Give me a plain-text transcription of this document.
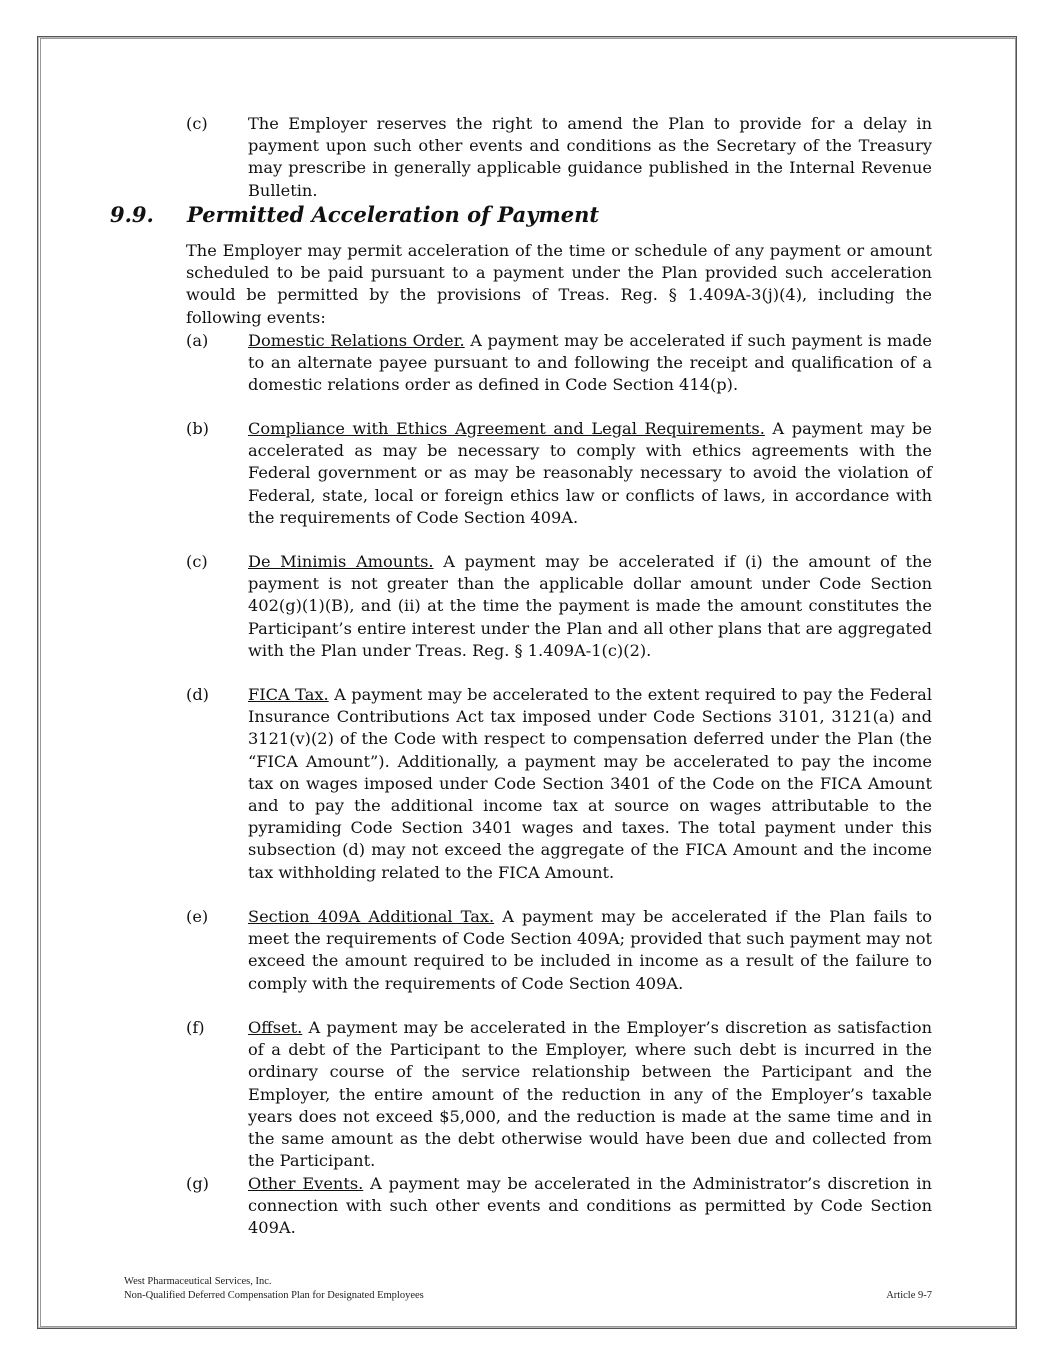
(c)	The Employer reserves the right to amend the Plan to provide for a delay in payment upon such other events and conditions as the Secretary of the Treasury may prescribe in generally applicable guidance published in the Internal Revenue Bulletin.
9.9. Permitted Acceleration of Payment
The Employer may permit acceleration of the time or schedule of any payment or amount scheduled to be paid pursuant to a payment under the Plan provided such acceleration would be permitted by the provisions of Treas. Reg. § 1.409A-3(j)(4), including the following events:
(a)	Domestic Relations Order. A payment may be accelerated if such payment is made to an alternate payee pursuant to and following the receipt and qualification of a domestic relations order as defined in Code Section 414(p).
(b)	Compliance with Ethics Agreement and Legal Requirements. A payment may be accelerated as may be necessary to comply with ethics agreements with the Federal government or as may be reasonably necessary to avoid the violation of Federal, state, local or foreign ethics law or conflicts of laws, in accordance with the requirements of Code Section 409A.
(c)	De Minimis Amounts. A payment may be accelerated if (i) the amount of the payment is not greater than the applicable dollar amount under Code Section 402(g)(1)(B), and (ii) at the time the payment is made the amount constitutes the Participant’s entire interest under the Plan and all other plans that are aggregated with the Plan under Treas. Reg. § 1.409A-1(c)(2).
(d)	FICA Tax. A payment may be accelerated to the extent required to pay the Federal Insurance Contributions Act tax imposed under Code Sections 3101, 3121(a) and 3121(v)(2) of the Code with respect to compensation deferred under the Plan (the “FICA Amount”). Additionally, a payment may be accelerated to pay the income tax on wages imposed under Code Section 3401 of the Code on the FICA Amount and to pay the additional income tax at source on wages attributable to the pyramiding Code Section 3401 wages and taxes. The total payment under this subsection (d) may not exceed the aggregate of the FICA Amount and the income tax withholding related to the FICA Amount.
(e)	Section 409A Additional Tax. A payment may be accelerated if the Plan fails to meet the requirements of Code Section 409A; provided that such payment may not exceed the amount required to be included in income as a result of the failure to comply with the requirements of Code Section 409A.
(f)	Offset. A payment may be accelerated in the Employer’s discretion as satisfaction of a debt of the Participant to the Employer, where such debt is incurred in the ordinary course of the service relationship between the Participant and the Employer, the entire amount of the reduction in any of the Employer’s taxable years does not exceed $5,000, and the reduction is made at the same time and in the same amount as the debt otherwise would have been due and collected from the Participant.
(g)	Other Events. A payment may be accelerated in the Administrator’s discretion in connection with such other events and conditions as permitted by Code Section 409A.
West Pharmaceutical Services, Inc.
Non-Qualified Deferred Compensation Plan for Designated Employees	Article 9-7
